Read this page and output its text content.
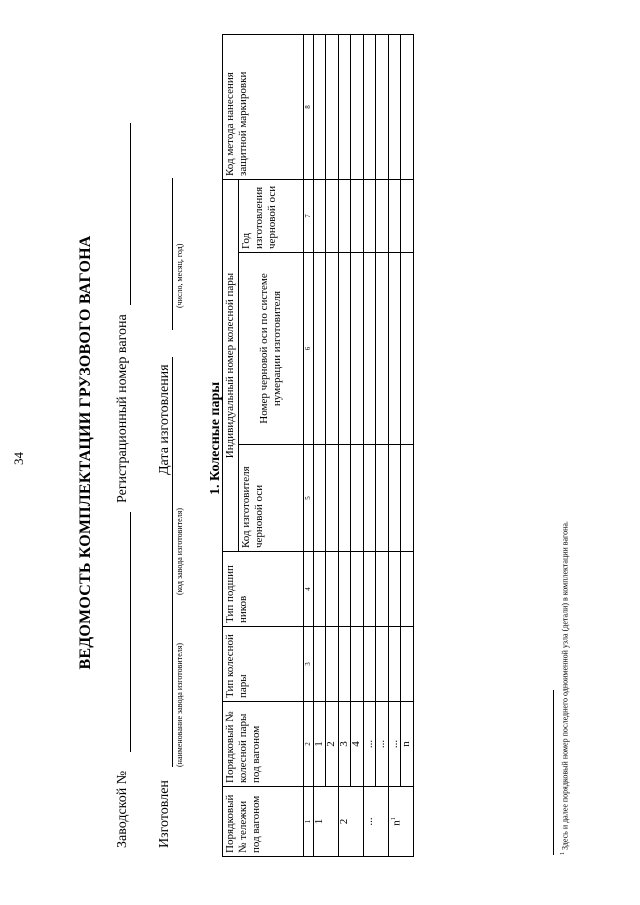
34	ВЕДОМОСТЬ КОМПЛЕКТАЦИИ ГРУЗОВОГО ВАГОНА
Заводской №
Регистрационный номер вагона
Изготовлен
(наименование завода изготовителя)
(код завода изготовителя)
Дата изготовления
(число, месяц, год)
1. Колесные пары
Порядковый № тележки под вагоном	Порядковый № колесной пары под вагоном	Тип колесной пары	Тип подшип ников	Индивидуальный номер колесной пары			Код метода нанесения защитной маркировки
				Код изготовителя черновой оси	Номер черновой оси по системе нумерации изготовителя	Год изготовления черновой оси	
1	2	3	4	5	6	7	8
1	1						
	2						
2	3						
	4						
...	...						
	...						
$n^1$	...						
	n						
$^1$ Здесь и далее порядковый номер последнего одноименной узла (детали) в комплектации вагона.
